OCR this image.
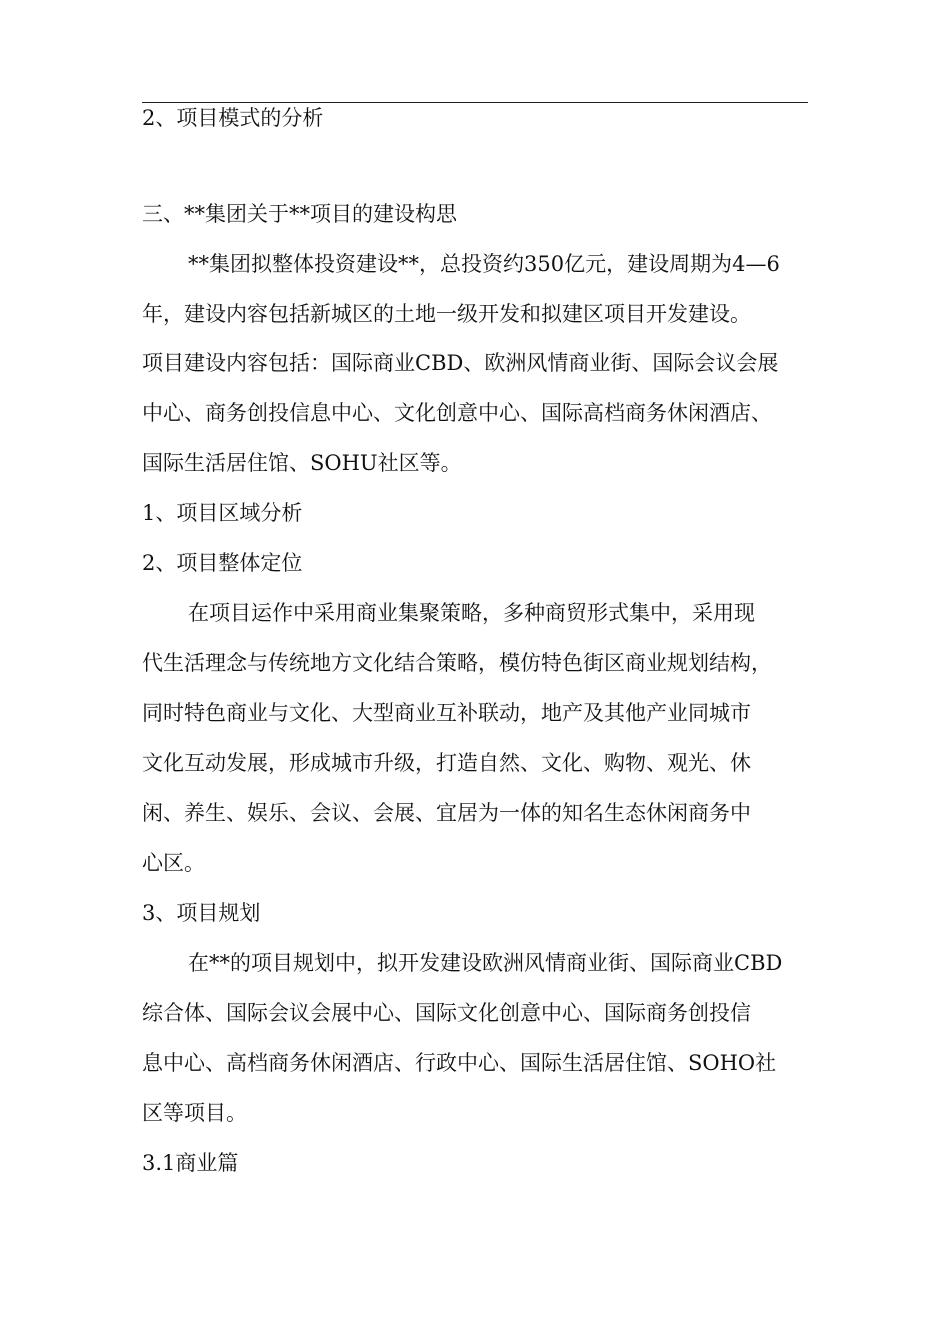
2、项目模式的分析
三、**集团关于**项目的建设构思
**集团拟整体投资建设**，总投资约350亿元，建设周期为4—6
年，建设内容包括新城区的土地一级开发和拟建区项目开发建设。
项目建设内容包括：国际商业CBD、欧洲风情商业街、国际会议会展
中心、商务创投信息中心、文化创意中心、国际高档商务休闲酒店、
国际生活居住馆、SOHU社区等。
1、项目区域分析
2、项目整体定位
在项目运作中采用商业集聚策略，多种商贸形式集中，采用现
代生活理念与传统地方文化结合策略，模仿特色街区商业规划结构，
同时特色商业与文化、大型商业互补联动，地产及其他产业同城市
文化互动发展，形成城市升级，打造自然、文化、购物、观光、休
闲、养生、娱乐、会议、会展、宜居为一体的知名生态休闲商务中
心区。
3、项目规划
在**的项目规划中，拟开发建设欧洲风情商业街、国际商业CBD
综合体、国际会议会展中心、国际文化创意中心、国际商务创投信
息中心、高档商务休闲酒店、行政中心、国际生活居住馆、SOHO社
区等项目。
3.1商业篇
